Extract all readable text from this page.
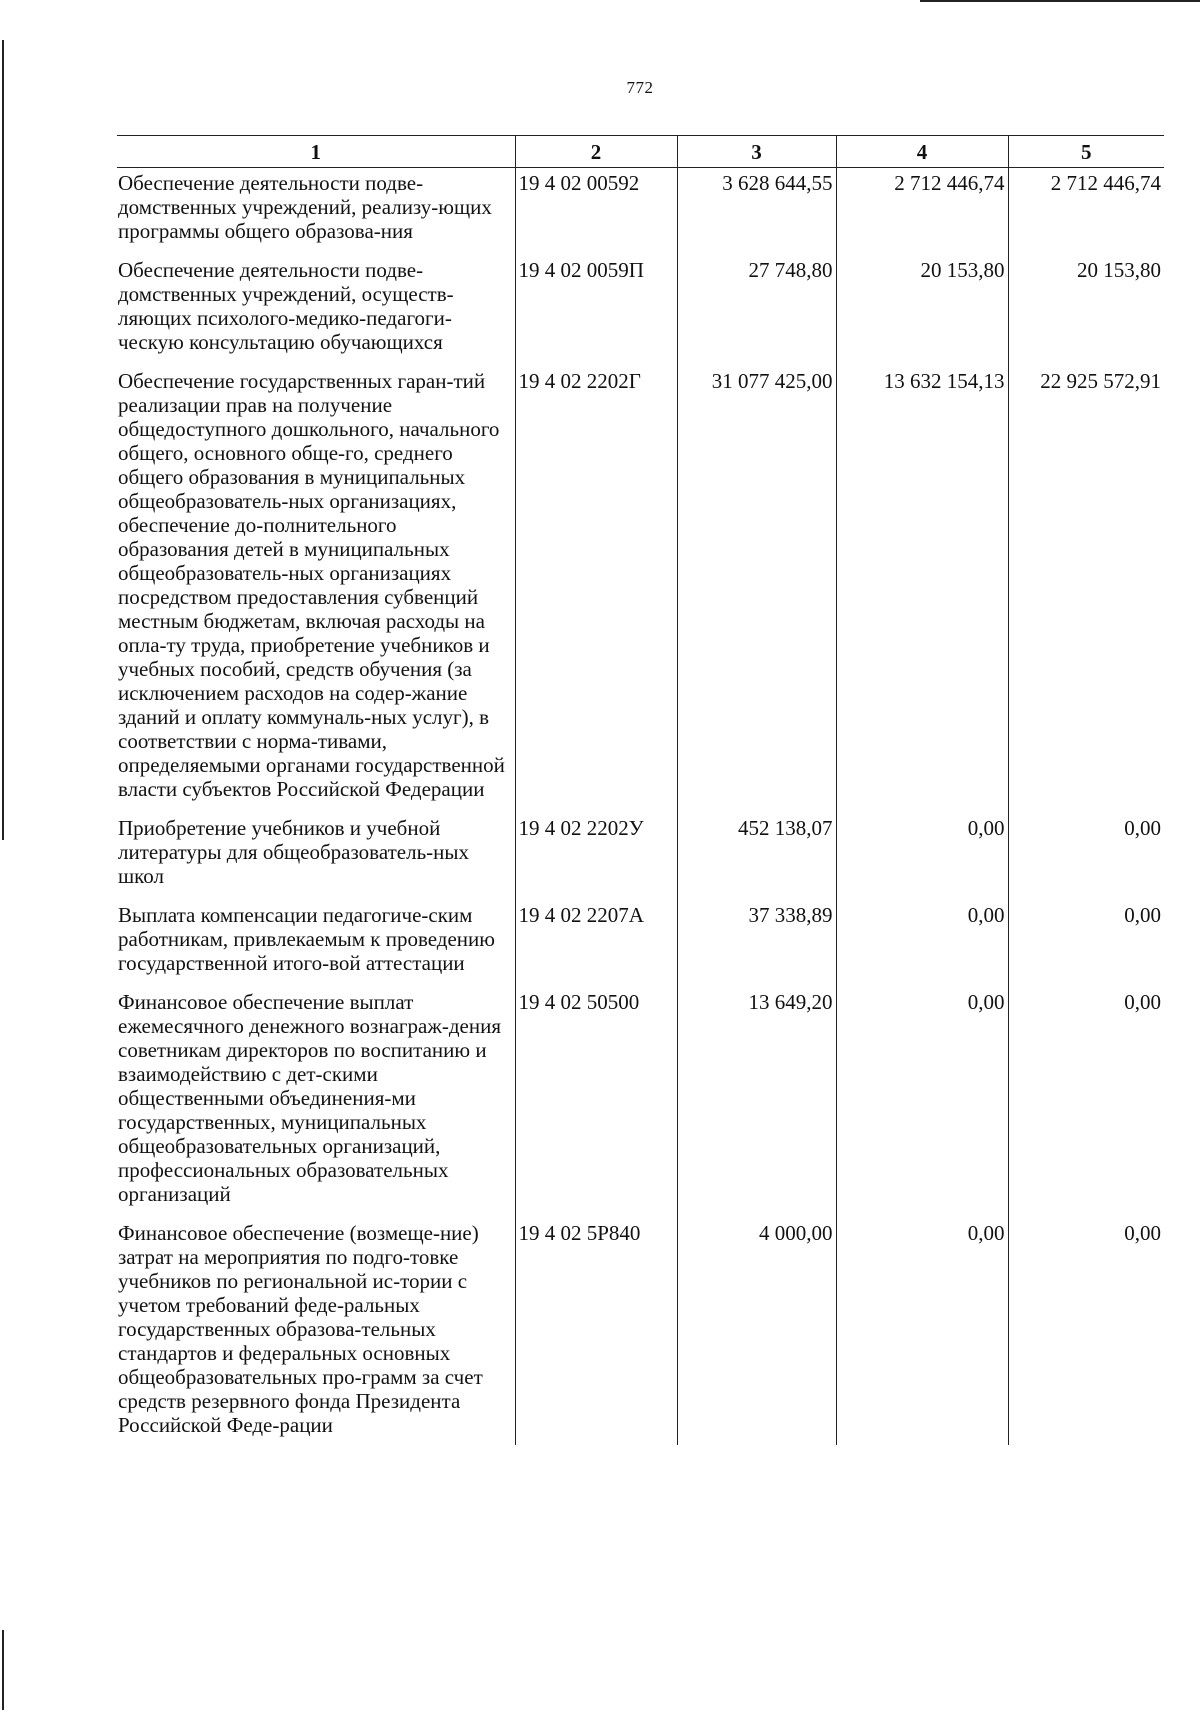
772
1	2	3	4	5
Обеспечение деятельности подве-домственных учреждений, реализу-ющих программы общего образова-ния	19 4 02 00592	3 628 644,55	2 712 446,74	2 712 446,74
Обеспечение деятельности подве-домственных учреждений, осуществ-ляющих психолого-медико-педагоги-ческую консультацию обучающихся	19 4 02 0059П	27 748,80	20 153,80	20 153,80
Обеспечение государственных гаран-тий реализации прав на получение общедоступного дошкольного, начального общего, основного обще-го, среднего общего образования в муниципальных общеобразователь-ных организациях, обеспечение до-полнительного образования детей в муниципальных общеобразователь-ных организациях посредством предоставления субвенций местным бюджетам, включая расходы на опла-ту труда, приобретение учебников и учебных пособий, средств обучения (за исключением расходов на содер-жание зданий и оплату коммуналь-ных услуг), в соответствии с норма-тивами, определяемыми органами государственной власти субъектов Российской Федерации	19 4 02 2202Г	31 077 425,00	13 632 154,13	22 925 572,91
Приобретение учебников и учебной литературы для общеобразователь-ных школ	19 4 02 2202У	452 138,07	0,00	0,00
Выплата компенсации педагогиче-ским работникам, привлекаемым к проведению государственной итого-вой аттестации	19 4 02 2207А	37 338,89	0,00	0,00
Финансовое обеспечение выплат ежемесячного денежного вознаграж-дения советникам директоров по воспитанию и взаимодействию с дет-скими общественными объединения-ми государственных, муниципальных общеобразовательных организаций, профессиональных образовательных организаций	19 4 02 50500	13 649,20	0,00	0,00
Финансовое обеспечение (возмеще-ние) затрат на мероприятия по подго-товке учебников по региональной ис-тории с учетом требований феде-ральных государственных образова-тельных стандартов и федеральных основных общеобразовательных про-грамм за счет средств резервного фонда Президента Российской Феде-рации	19 4 02 5Р840	4 000,00	0,00	0,00
